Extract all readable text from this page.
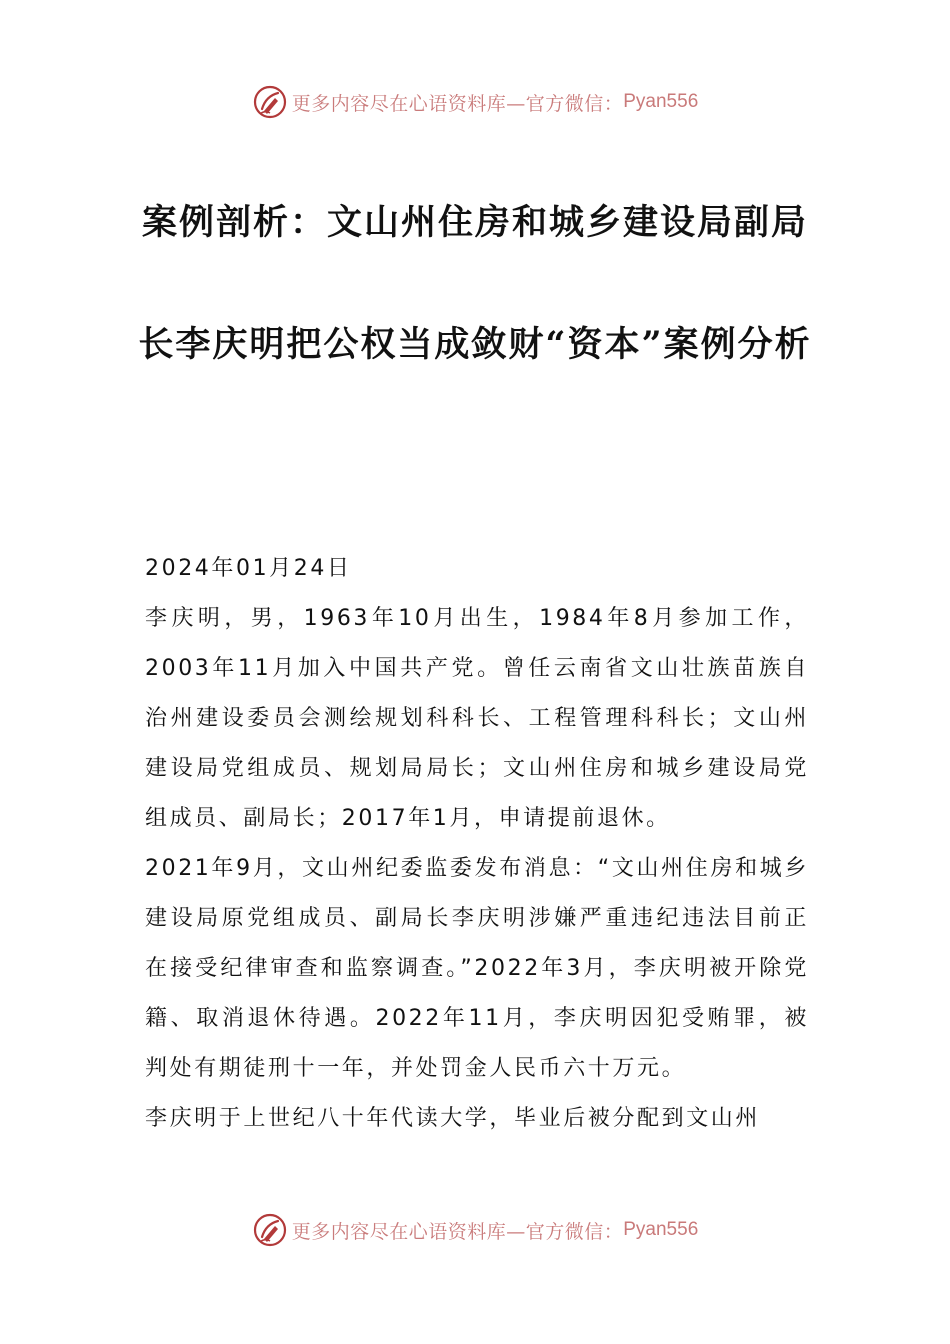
更多内容尽在心语资料库—官方微信： Pyan556
案例剖析：文山州住房和城乡建设局副局长李庆明把公权当成敛财“资本”案例分析

2024年01月24日

李庆明，男，1963年10月出生，1984年8月参加工作，2003年11月加入中国共产党。曾任云南省文山壮族苗族自治州建设委员会测绘规划科科长、工程管理科科长；文山州建设局党组成员、规划局局长；文山州住房和城乡建设局党组成员、副局长；2017年1月，申请提前退休。

2021年9月，文山州纪委监委发布消息：“文山州住房和城乡建设局原党组成员、副局长李庆明涉嫌严重违纪违法目前正在接受纪律审查和监察调查。”2022年3月，李庆明被开除党籍、取消退休待遇。2022年11月，李庆明因犯受贿罪，被判处有期徒刑十一年，并处罚金人民币六十万元。

李庆明于上世纪八十年代读大学，毕业后被分配到文山州

更多内容尽在心语资料库—官方微信： Pyan556
